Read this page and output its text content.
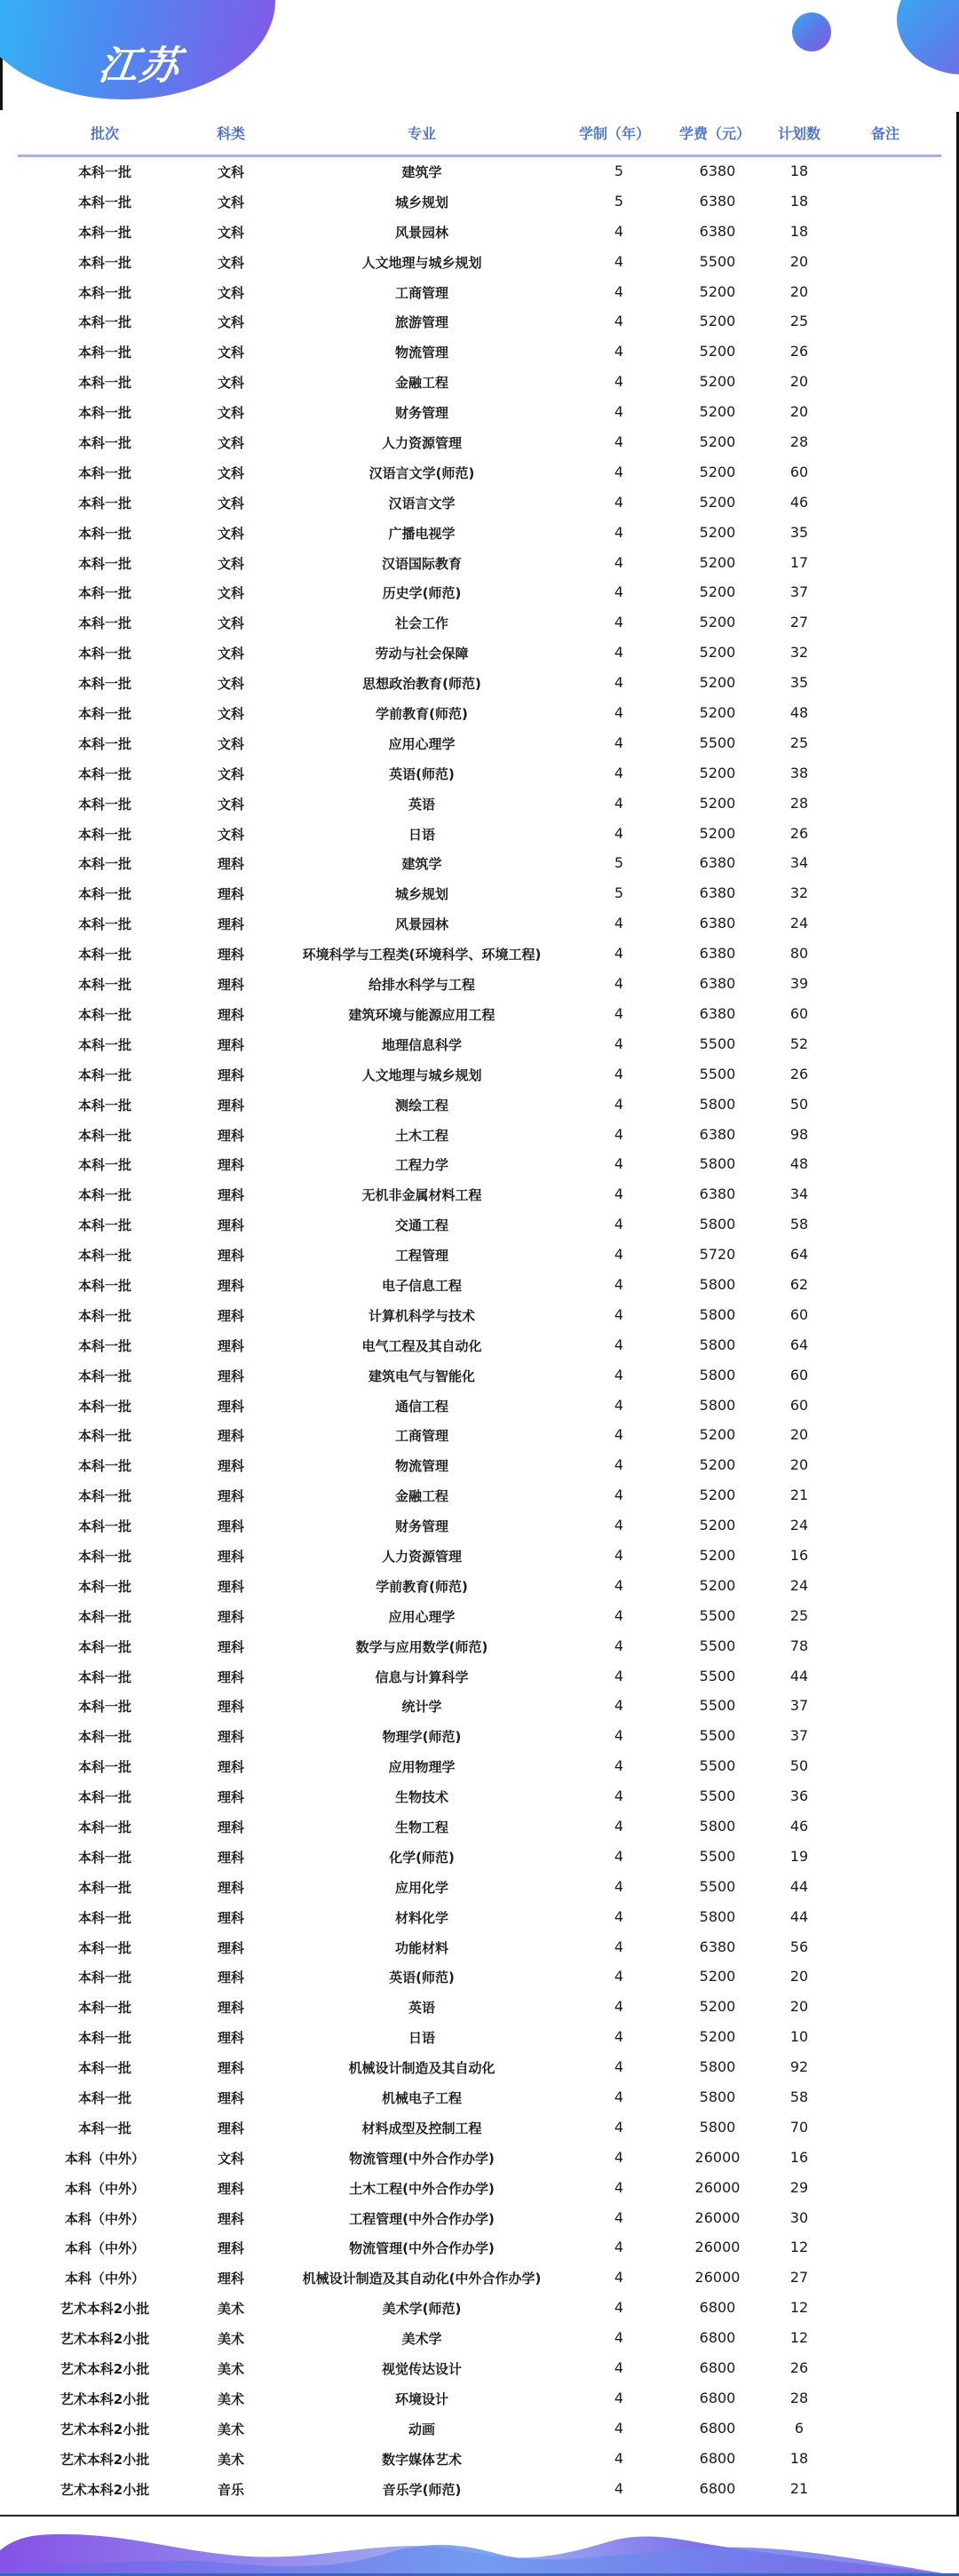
江苏
批次	科类	专业	学制（年） 学费（元） 计划数	备注
本科一批	文科	建筑学	5	6380	18
本科一批	文科	城乡规划	5	6380	18
本科一批	文科	风景园林	4	6380	18
本科一批	文科	人文地理与城乡规划	4	5500	20
本科一批	文科	工商管理	4	5200	20
本科一批	文科	旅游管理	4	5200	25
本科一批	文科	物流管理	4	5200	26
本科一批	文科	金融工程	4	5200	20
本科一批	文科	财务管理	4	5200	20
本科一批	文科	人力资源管理	4	5200	28
本科一批	文科	汉语言文学(师范)	4	5200	60
本科一批	文科	汉语言文学	4	5200	46
本科一批	文科	广播电视学	4	5200	35
本科一批	文科	汉语国际教育	4	5200	17
本科一批	文科	历史学(师范)	4	5200	37
本科一批	文科	社会工作	4	5200	27
本科一批	文科	劳动与社会保障	4	5200	32
本科一批	文科	思想政治教育(师范)	4	5200	35
本科一批	文科	学前教育(师范)	4	5200	48
本科一批	文科	应用心理学	4	5500	25
本科一批	文科	英语(师范)	4	5200	38
本科一批	文科	英语	4	5200	28
本科一批	文科	日语	4	5200	26
本科一批	理科	建筑学	5	6380	34
本科一批	理科	城乡规划	5	6380	32
本科一批	理科	风景园林	4	6380	24
本科一批	理科	环境科学与工程类(环境科学、环境工程)	4	6380	80
本科一批	理科	给排水科学与工程	4	6380	39
本科一批	理科	建筑环境与能源应用工程	4	6380	60
本科一批	理科	地理信息科学	4	5500	52
本科一批	理科	人文地理与城乡规划	4	5500	26
本科一批	理科	测绘工程	4	5800	50
本科一批	理科	土木工程	4	6380	98
本科一批	理科	工程力学	4	5800	48
本科一批	理科	无机非金属材料工程	4	6380	34
本科一批	理科	交通工程	4	5800	58
本科一批	理科	工程管理	4	5720	64
本科一批	理科	电子信息工程	4	5800	62
本科一批	理科	计算机科学与技术	4	5800	60
本科一批	理科	电气工程及其自动化	4	5800	64
本科一批	理科	建筑电气与智能化	4	5800	60
本科一批	理科	通信工程	4	5800	60
本科一批	理科	工商管理	4	5200	20
本科一批	理科	物流管理	4	5200	20
本科一批	理科	金融工程	4	5200	21
本科一批	理科	财务管理	4	5200	24
本科一批	理科	人力资源管理	4	5200	16
本科一批	理科	学前教育(师范)	4	5200	24
本科一批	理科	应用心理学	4	5500	25
本科一批	理科	数学与应用数学(师范)	4	5500	78
本科一批	理科	信息与计算科学	4	5500	44
本科一批	理科	统计学	4	5500	37
本科一批	理科	物理学(师范)	4	5500	37
本科一批	理科	应用物理学	4	5500	50
本科一批	理科	生物技术	4	5500	36
本科一批	理科	生物工程	4	5800	46
本科一批	理科	化学(师范)	4	5500	19
本科一批	理科	应用化学	4	5500	44
本科一批	理科	材料化学	4	5800	44
本科一批	理科	功能材料	4	6380	56
本科一批	理科	英语(师范)	4	5200	20
本科一批	理科	英语	4	5200	20
本科一批	理科	日语	4	5200	10
本科一批	理科	机械设计制造及其自动化	4	5800	92
本科一批	理科	机械电子工程	4	5800	58
本科一批	理科	材料成型及控制工程	4	5800	70
本科（中外）	文科	物流管理(中外合作办学)	4	26000	16
本科（中外）	理科	土木工程(中外合作办学)	4	26000	29
本科（中外）	理科	工程管理(中外合作办学)	4	26000	30
本科（中外）	理科	物流管理(中外合作办学)	4	26000	12
本科（中外）	理科	机械设计制造及其自动化(中外合作办学)	4	26000	27
艺术本科2小批	美术	美术学(师范)	4	6800	12
艺术本科2小批	美术	美术学	4	6800	12
艺术本科2小批	美术	视觉传达设计	4	6800	26
艺术本科2小批	美术	环境设计	4	6800	28
艺术本科2小批	美术	动画	4	6800	6
艺术本科2小批	美术	数字媒体艺术	4	6800	18
艺术本科2小批	音乐	音乐学(师范)	4	6800	21
